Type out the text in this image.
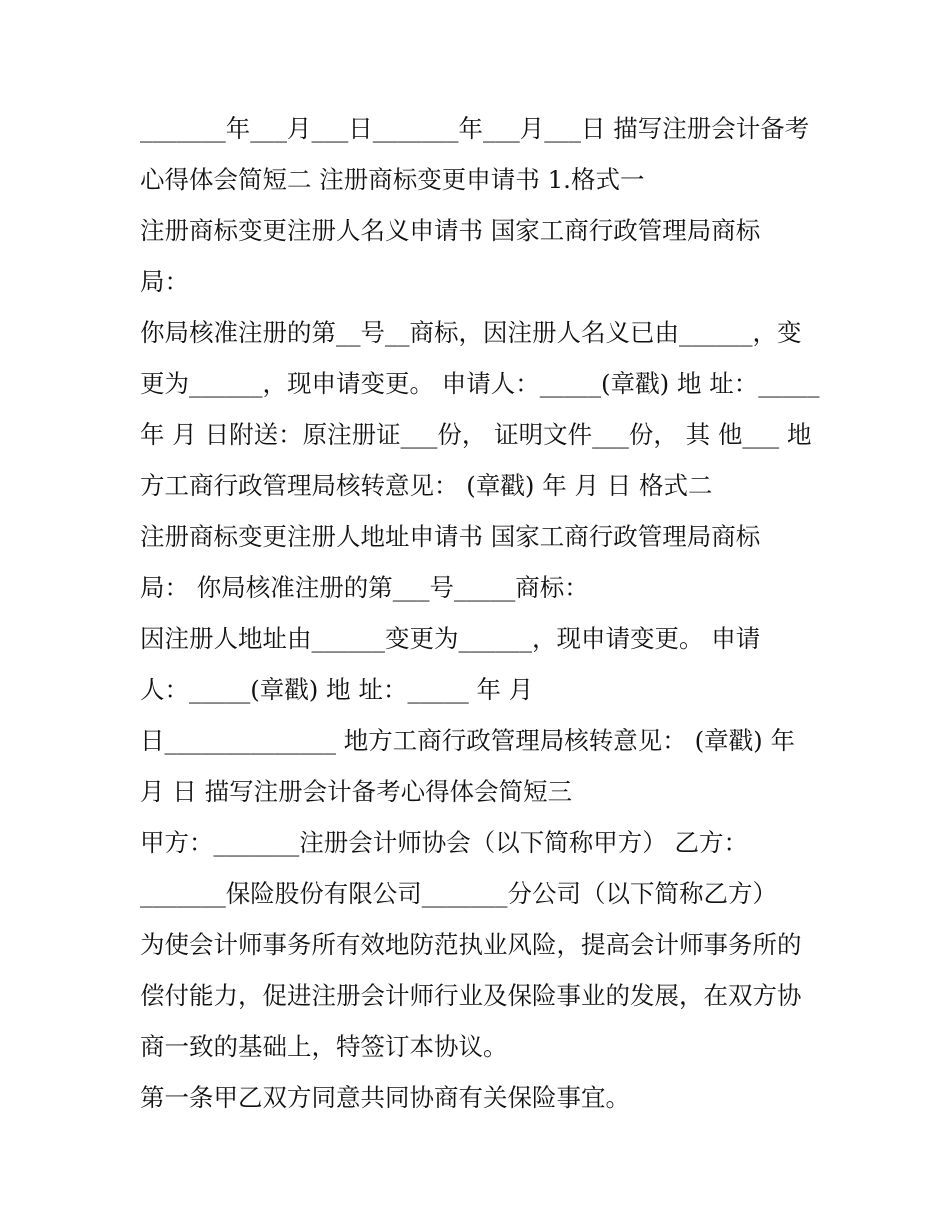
_______年___月___日_______年___月___日 描写注册会计备考
心得体会简短二 注册商标变更申请书 1.格式一
注册商标变更注册人名义申请书 国家工商行政管理局商标
局：
你局核准注册的第__号__商标，因注册人名义已由______，变
更为______，现申请变更。 申请人：_____(章戳) 地 址：_____
年 月 日附送：原注册证___份， 证明文件___份， 其 他___ 地
方工商行政管理局核转意见： (章戳) 年 月 日 格式二
注册商标变更注册人地址申请书 国家工商行政管理局商标
局： 你局核准注册的第___号_____商标：
因注册人地址由______变更为______，现申请变更。 申请
人：_____(章戳) 地 址：_____ 年 月
日______________ 地方工商行政管理局核转意见： (章戳) 年
月 日 描写注册会计备考心得体会简短三
甲方：_______注册会计师协会（以下简称甲方） 乙方：
_______保险股份有限公司_______分公司（以下简称乙方）
为使会计师事务所有效地防范执业风险，提高会计师事务所的
偿付能力，促进注册会计师行业及保险事业的发展，在双方协
商一致的基础上，特签订本协议。
第一条甲乙双方同意共同协商有关保险事宜。
